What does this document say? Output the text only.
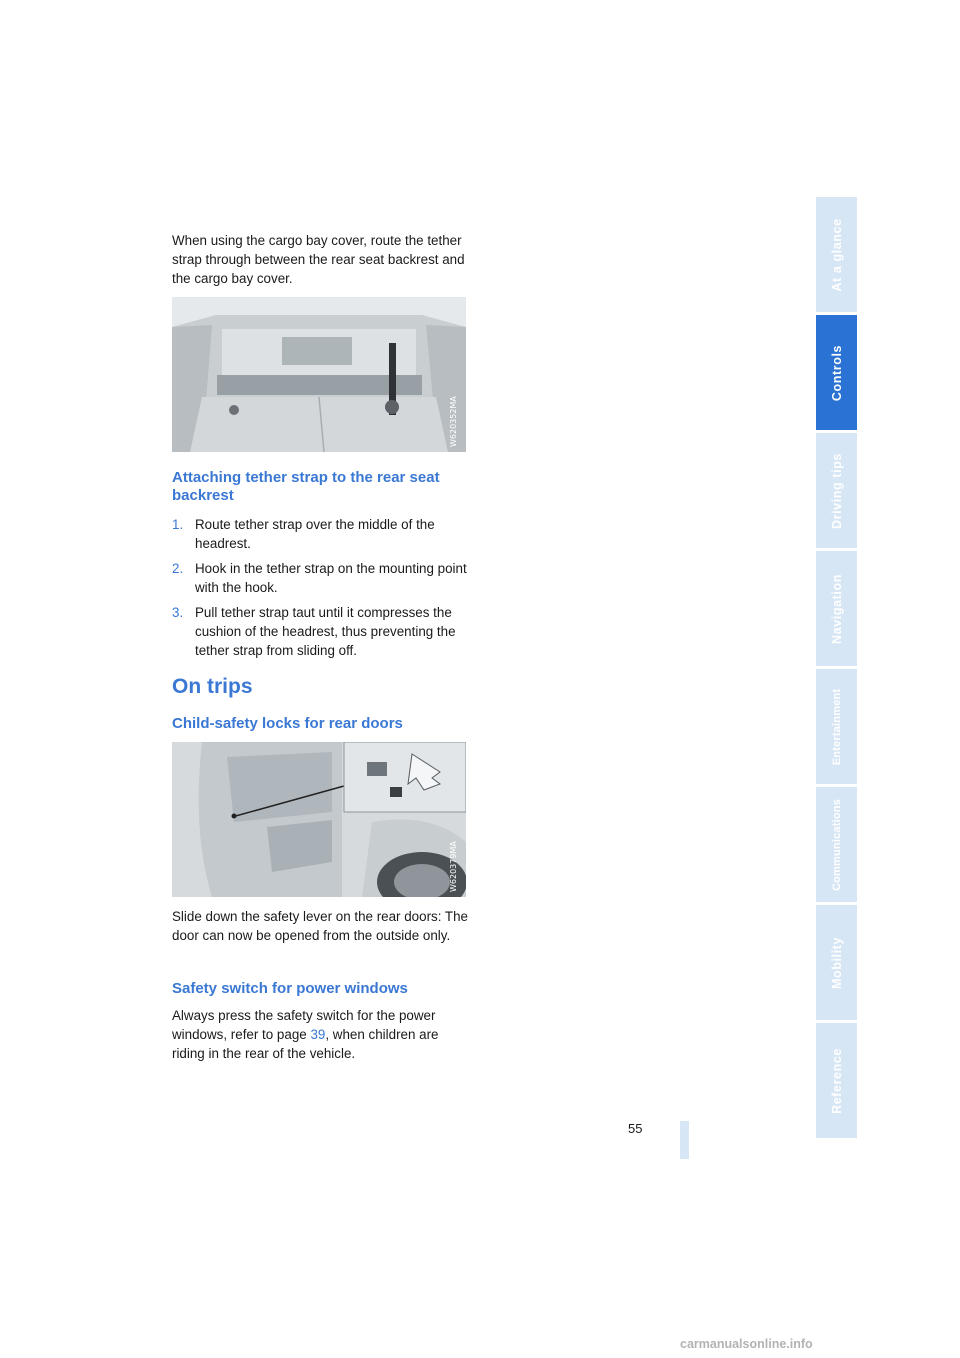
When using the cargo bay cover, route the tether strap through between the rear seat backrest and the cargo bay cover.

W620352MA
Attaching tether strap to the rear seat backrest
1. Route tether strap over the middle of the headrest.
2. Hook in the tether strap on the mounting point with the hook.
3. Pull tether strap taut until it compresses the cushion of the headrest, thus preventing the tether strap from sliding off.
On trips
Child-safety locks for rear doors
W620379MA

Slide down the safety lever on the rear doors: The door can now be opened from the outside only.

Safety switch for power windows

Always press the safety switch for the power windows, refer to page 39, when children are riding in the rear of the vehicle.

At a glance
Controls
Driving tips
Navigation
Entertainment
Communications
Mobility
Reference
55
carmanualsonline.info
